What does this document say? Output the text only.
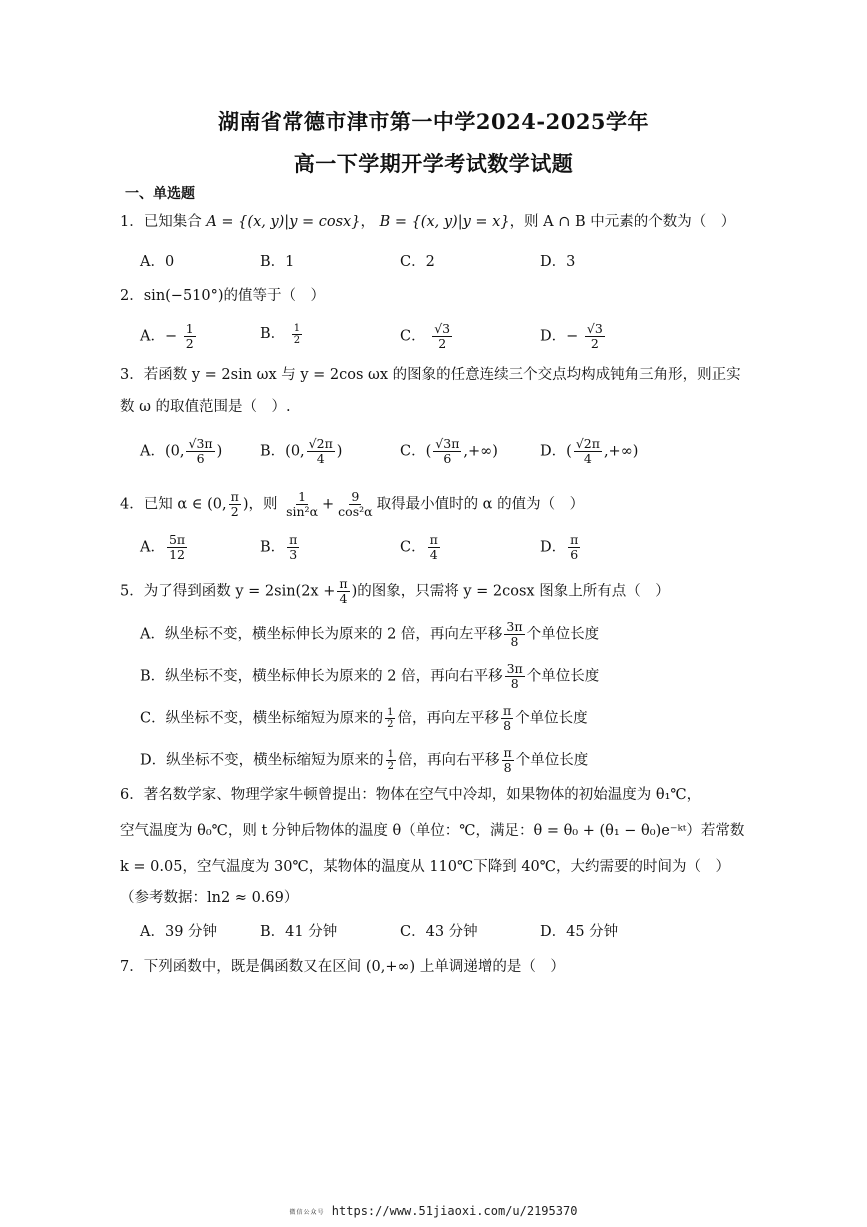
湖南省常德市津市第一中学2024-2025学年
高一下学期开学考试数学试题
一、单选题
1．已知集合 A = {(x, y)|y = cosx}， B = {(x, y)|y = x}，则 A ∩ B 中元素的个数为（　）
A．0	B．1	C．2	D．3
2．sin(−510°)的值等于（　）
A．− $\frac{1}{2}$	B． $\frac{1}{2}$	C． $\frac{√3}{2}$	D．− $\frac{√3}{2}$
3．若函数 y = 2sin ωx 与 y = 2cos ωx 的图象的任意连续三个交点均构成钝角三角形，则正实
数 ω 的取值范围是（　）.
A．(0, $\frac{√3\pi}{6}$ )	B．(0, $\frac{√2\pi}{4}$ )	C．( $\frac{√3\pi}{6}$ ,+∞)	D．( $\frac{√2\pi}{4}$ ,+∞)
4．已知 α ∈ (0, $\frac{\pi}{2}$ )，则 $\frac{1}{\text{sin²α}} + \frac{9}{\text{cos²α}}$ 取得最小值时的 α 的值为（　）
A． $\frac{5\pi}{12}$	B． $\frac{\pi}{3}$	C． $\frac{\pi}{4}$	D． $\frac{\pi}{6}$
5．为了得到函数 $y = 2\sin(2x + \frac{\pi}{4}$ )的图象，只需将 y = 2cosx 图象上所有点（　）
A．纵坐标不变，横坐标伸长为原来的 2 倍，再向左平移 $\frac{3\pi}{8}$ 个单位长度
B．纵坐标不变，横坐标伸长为原来的 2 倍，再向右平移 $\frac{3\pi}{8}$ 个单位长度
C．纵坐标不变，横坐标缩短为原来的 $\frac{1}{2}$ 倍，再向左平移 $\frac{\pi}{8}$ 个单位长度
D．纵坐标不变，横坐标缩短为原来的 $\frac{1}{2}$ 倍，再向右平移 $\frac{\pi}{8}$ 个单位长度
6．著名数学家、物理学家牛顿曾提出：物体在空气中冷却，如果物体的初始温度为 θ₁℃，
空气温度为 θ₀℃，则 t 分钟后物体的温度 θ（单位：℃，满足：θ = θ₀ + (θ₁ − θ₀)e⁻ᵏᵗ）若常数
k = 0.05，空气温度为 30℃，某物体的温度从 110℃下降到 40℃，大约需要的时间为（　）
（参考数据：ln2 ≈ 0.69）
A．39 分钟	B．41 分钟	C．43 分钟	D．45 分钟
7．下列函数中，既是偶函数又在区间 (0,+∞) 上单调递增的是（　）
微信公众号 https://www.51jiaoxi.com/u/2195370
